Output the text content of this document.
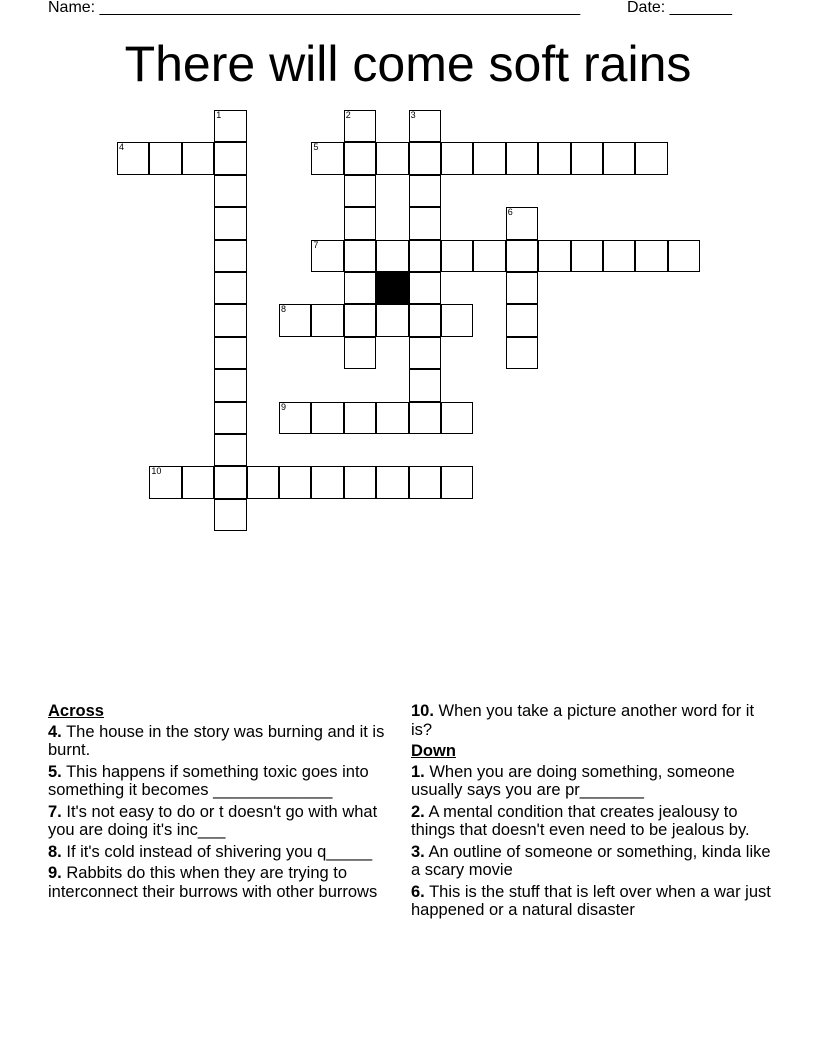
Name: ______________________________________________________	Date: _______
There will come soft rains
1	2	3
4	5
6
7
8
9
10
Across
4. The house in the story was burning and it is burnt.
5. This happens if something toxic goes into something it becomes _____________
7. It's not easy to do or t doesn't go with what you are doing it's inc___
8. If it's cold instead of shivering you q_____
9. Rabbits do this when they are trying to interconnect their burrows with other burrows
10. When you take a picture another word for it is?
Down
1. When you are doing something, someone usually says you are pr_______
2. A mental condition that creates jealousy to things that doesn't even need to be jealous by.
3. An outline of someone or something, kinda like a scary movie
6. This is the stuff that is left over when a war just happened or a natural disaster
